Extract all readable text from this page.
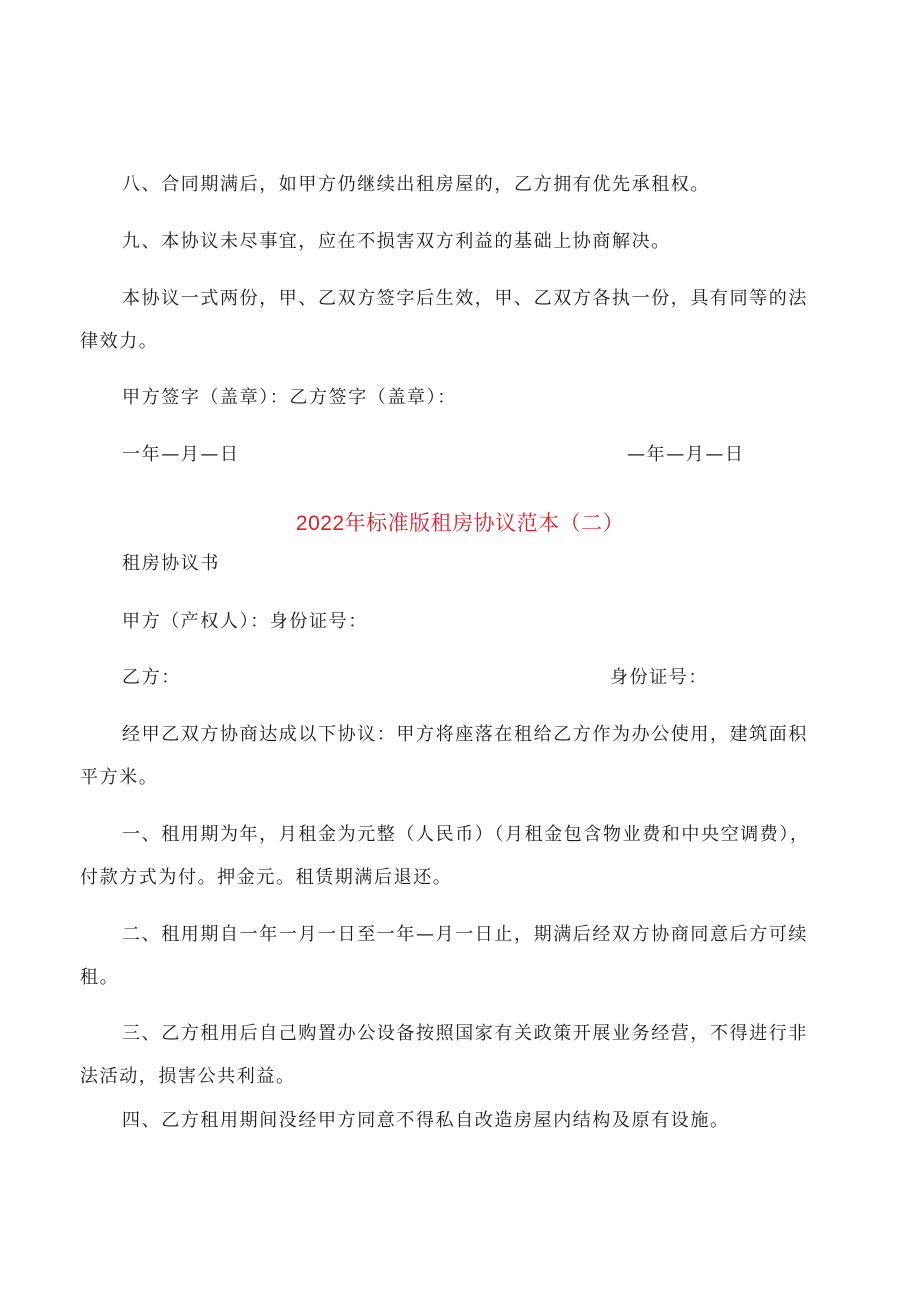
八、合同期满后，如甲方仍继续出租房屋的，乙方拥有优先承租权。
九、本协议未尽事宜，应在不损害双方利益的基础上协商解决。
本协议一式两份，甲、乙双方签字后生效，甲、乙双方各执一份，具有同等的法
律效力。
甲方签字（盖章）：乙方签字（盖章）：
一年—月—日	—年—月—日
2022年标准版租房协议范本（二）
租房协议书
甲方（产权人）：身份证号：
乙方：	身份证号：
经甲乙双方协商达成以下协议：甲方将座落在租给乙方作为办公使用，建筑面积
平方米。
一、租用期为年，月租金为元整（人民币）（月租金包含物业费和中央空调费），
付款方式为付。押金元。租赁期满后退还。
二、租用期自一年一月一日至一年—月一日止，期满后经双方协商同意后方可续
租。
三、乙方租用后自己购置办公设备按照国家有关政策开展业务经营，不得进行非
法活动，损害公共利益。
四、乙方租用期间没经甲方同意不得私自改造房屋内结构及原有设施。
